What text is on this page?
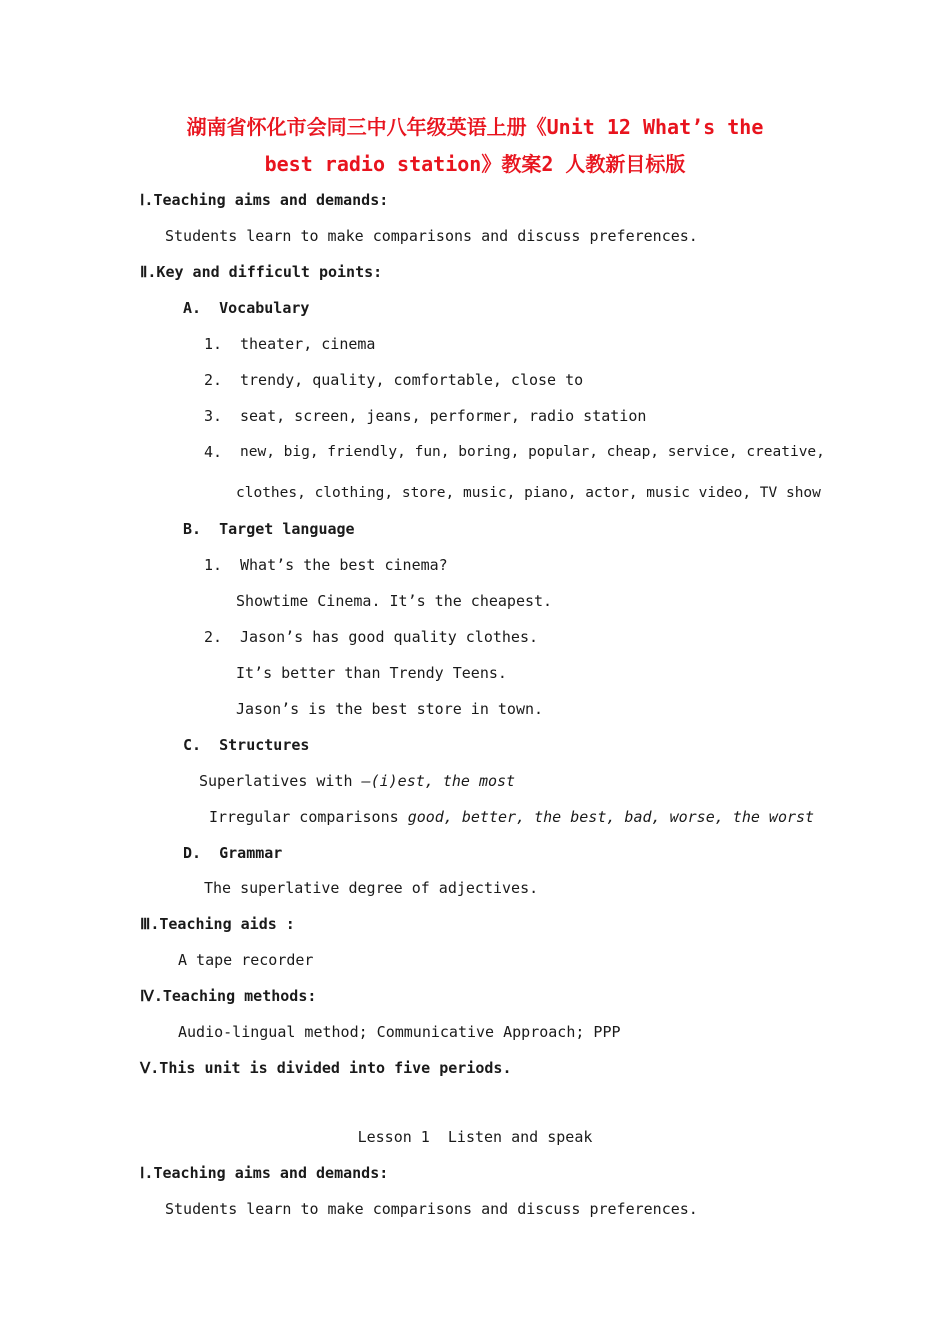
湖南省怀化市会同三中八年级英语上册《Unit 12 What’s the
best radio station》教案2 人教新目标版
Ⅰ.Teaching aims and demands:
Students learn to make comparisons and discuss preferences.
Ⅱ.Key and difficult points:
A.  Vocabulary
1. theater, cinema
2. trendy, quality, comfortable, close to
3. seat, screen, jeans, performer, radio station
4. new, big, friendly, fun, boring, popular, cheap, service, creative,
clothes, clothing, store, music, piano, actor, music video, TV show
B.  Target language
1. What’s the best cinema?
Showtime Cinema. It’s the cheapest.
2. Jason’s has good quality clothes.
It’s better than Trendy Teens.
Jason’s is the best store in town.
C.  Structures
Superlatives with –(i)est, the most
Irregular comparisons good, better, the best, bad, worse, the worst
D.  Grammar
The superlative degree of adjectives.
Ⅲ.Teaching aids :
A tape recorder
Ⅳ.Teaching methods:
Audio-lingual method; Communicative Approach; PPP
Ⅴ.This unit is divided into five periods.
Lesson 1  Listen and speak
Ⅰ.Teaching aims and demands:
Students learn to make comparisons and discuss preferences.
